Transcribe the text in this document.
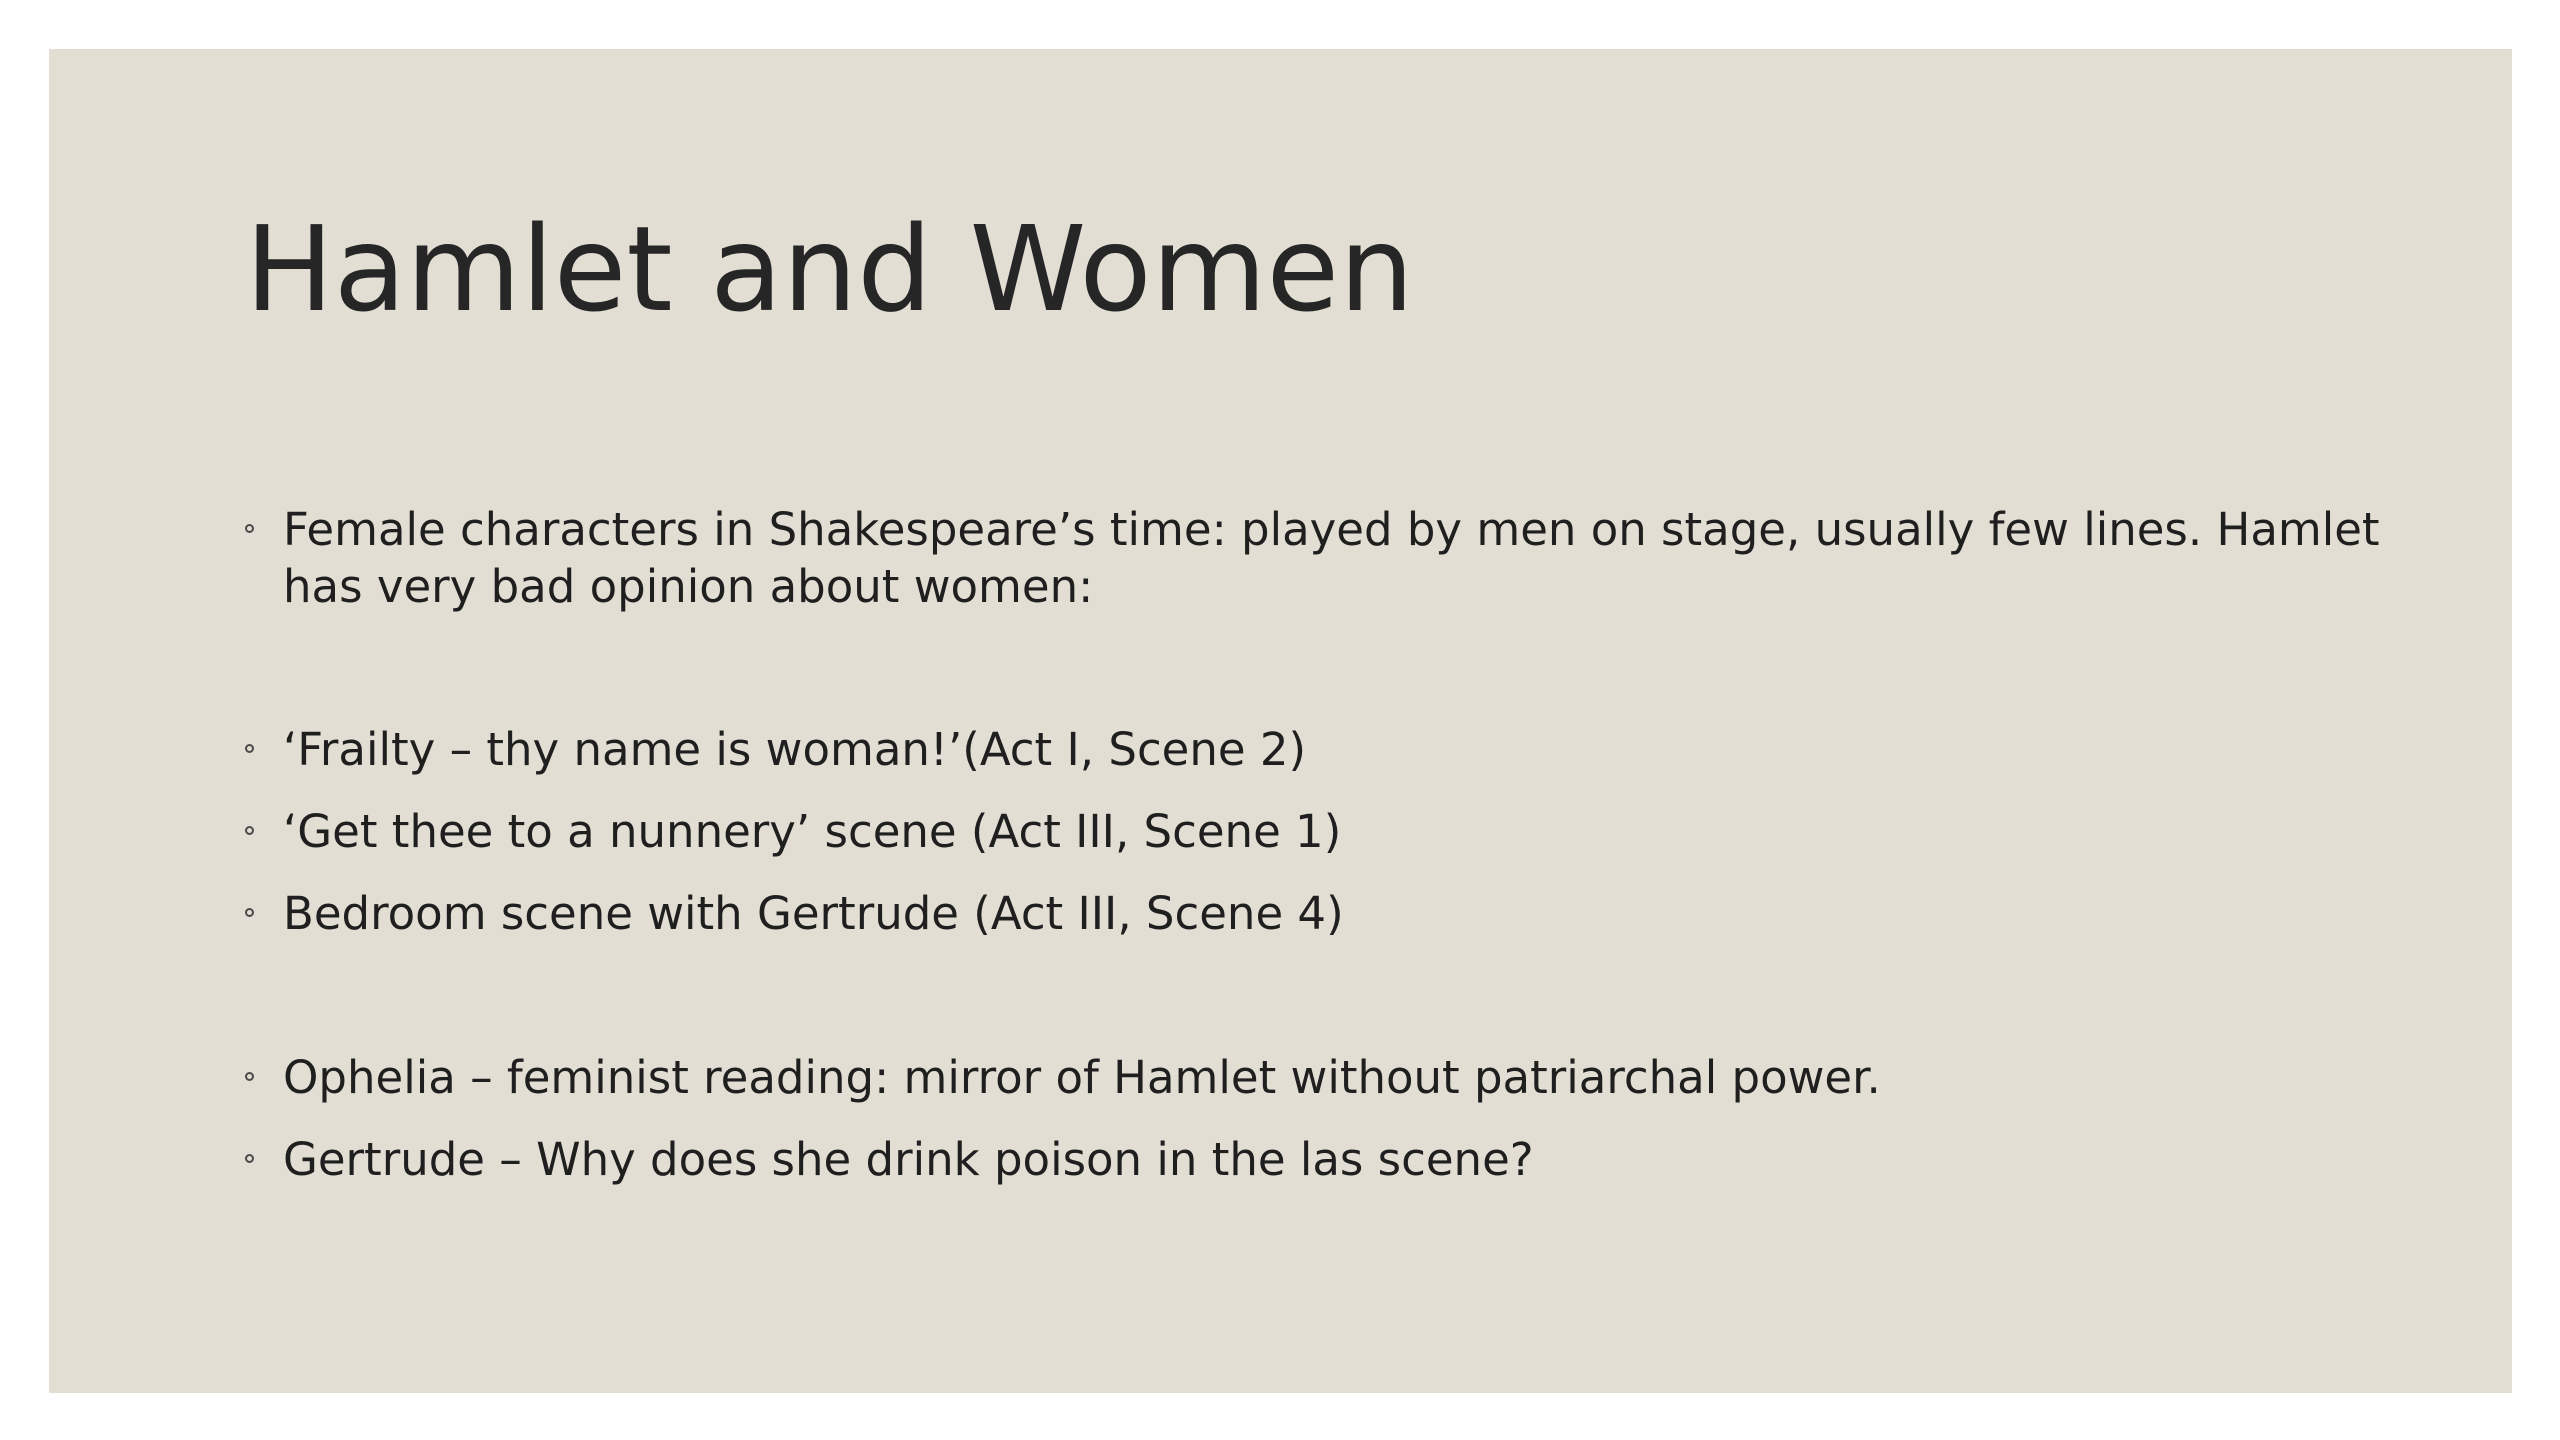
Hamlet and Women
Female characters in Shakespeare’s time: played by men on stage, usually few lines. Hamlet has very bad opinion about women:
‘Frailty – thy name is woman!’(Act I, Scene 2)
‘Get thee to a nunnery’ scene (Act III, Scene 1)
Bedroom scene with Gertrude (Act III, Scene 4)
Ophelia – feminist reading: mirror of Hamlet without patriarchal power.
Gertrude – Why does she drink poison in the las scene?
